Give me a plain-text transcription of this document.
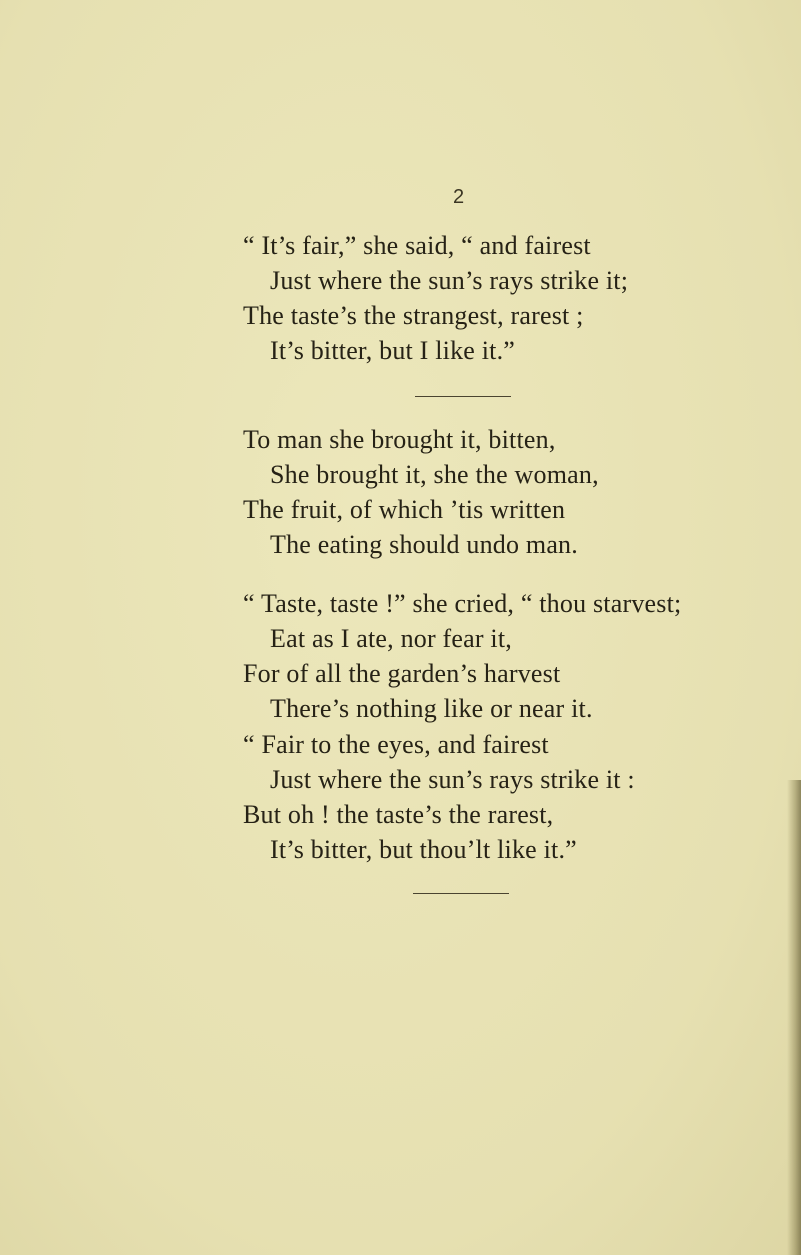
2
“ It’s fair,” she said, “ and fairest
Just where the sun’s rays strike it;
The taste’s the strangest, rarest ;
It’s bitter, but I like it.”
To man she brought it, bitten,
She brought it, she the woman,
The fruit, of which ’tis written
The eating should undo man.
“ Taste, taste !” she cried, “ thou starvest;
Eat as I ate, nor fear it,
For of all the garden’s harvest
There’s nothing like or near it.
“ Fair to the eyes, and fairest
Just where the sun’s rays strike it :
But oh ! the taste’s the rarest,
It’s bitter, but thou’lt like it.”
